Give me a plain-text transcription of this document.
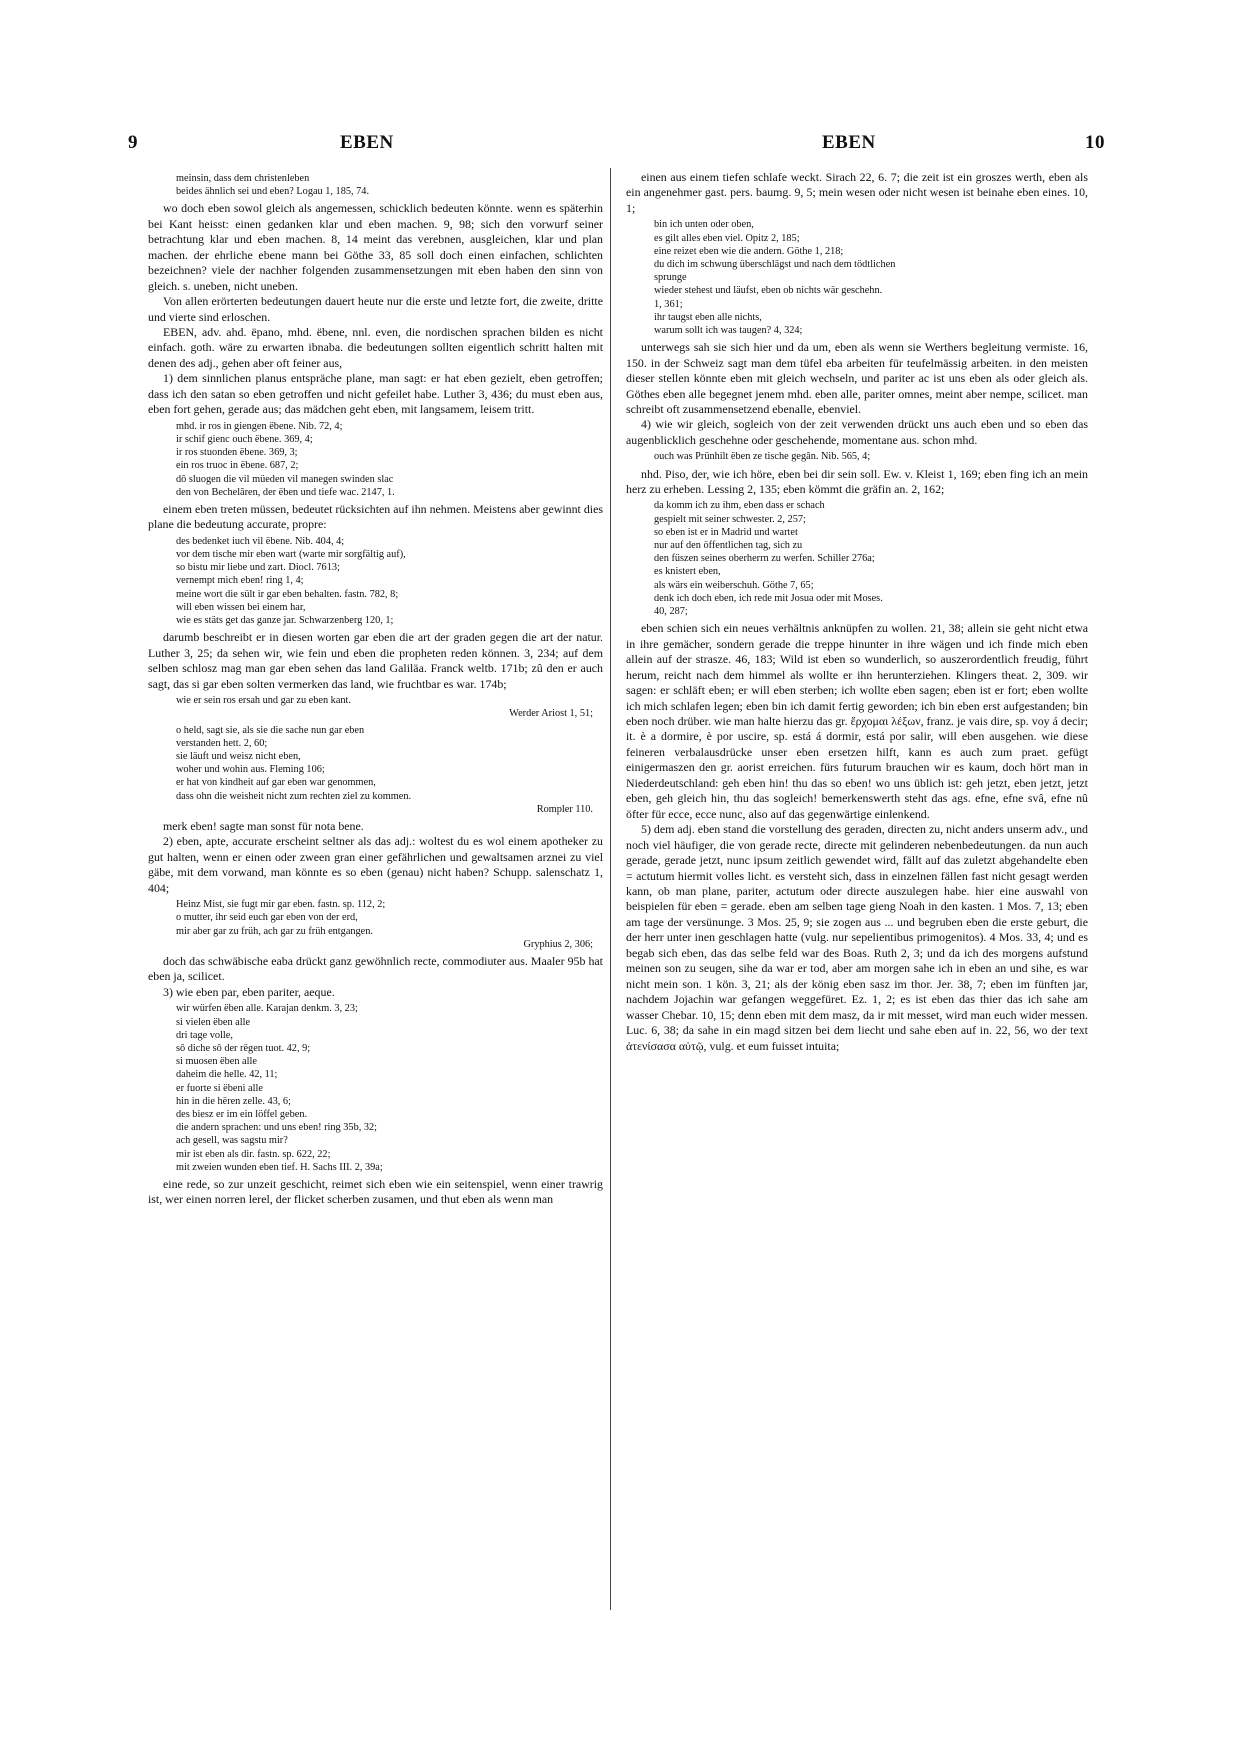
9	EBEN	EBEN	10
meinsin, dass dem christenleben
beides ähnlich sei und eben? Logau 1, 185, 74.

wo doch eben sowol gleich als angemessen, schicklich bedeuten könnte. wenn es späterhin bei Kant heisst: einen gedanken klar und eben machen. 9, 98; sich den vorwurf seiner betrachtung klar und eben machen. 8, 14 meint das verebnen, ausgleichen, klar und plan machen. der ehrliche ebene mann bei Göthe 33, 85 soll doch einen einfachen, schlichten bezeichnen? viele der nachher folgenden zusammensetzungen mit eben haben den sinn von gleich. s. uneben, nicht uneben.

Von allen erörterten bedeutungen dauert heute nur die erste und letzte fort, die zweite, dritte und vierte sind erloschen.

EBEN, adv. ahd. ëpano, mhd. ëbene, nnl. even, die nordischen sprachen bilden es nicht einfach. goth. wäre zu erwarten ibnaba. die bedeutungen sollten eigentlich schritt halten mit denen des adj., gehen aber oft feiner aus,

1) dem sinnlichen planus entspräche plane, man sagt: er hat eben gezielt, eben getroffen; dass ich den satan so eben getroffen und nicht gefeilet habe. Luther 3, 436; du must eben aus, eben fort gehen, gerade aus; das mädchen geht eben, mit langsamem, leisem tritt.

mhd. ir ros in giengen ëbene. Nib. 72, 4;
ir schif gienc ouch ëbene. 369, 4;
ir ros stuonden ëbene. 369, 3;
ein ros truoc in ëbene. 687, 2;
dô sluogen die vil müeden vil manegen swinden slac
den von Bechelâren, der ëben und tiefe wac. 2147, 1.

einem eben treten müssen, bedeutet rücksichten auf ihn nehmen. Meistens aber gewinnt dies plane die bedeutung accurate, propre:

des bedenket iuch vil ëbene. Nib. 404, 4;
vor dem tische mir eben wart (warte mir sorgfältig auf),
so bistu mir liebe und zart. Diocl. 7613;
vernempt mich eben! ring 1, 4;
meine wort die sült ir gar eben behalten. fastn. 782, 8;
will eben wissen bei einem har,
wie es stäts get das ganze jar. Schwarzenberg 120, 1;

darumb beschreibt er in diesen worten gar eben die art der graden gegen die art der natur. Luther 3, 25; da sehen wir, wie fein und eben die propheten reden können. 3, 234; auf dem selben schlosz mag man gar eben sehen das land Galiläa. Franck weltb. 171b; zû den er auch sagt, das si gar eben solten vermerken das land, wie fruchtbar es war. 174b;

wie er sein ros ersah und gar zu eben kant.
Werder Ariost 1, 51;
o held, sagt sie, als sie die sache nun gar eben
verstanden hett. 2, 60;
sie läuft und weisz nicht eben,
woher und wohin aus. Fleming 106;
er hat von kindheit auf gar eben war genommen,
dass ohn die weisheit nicht zum rechten ziel zu kommen.
Rompler 110.

merk eben! sagte man sonst für nota bene.

2) eben, apte, accurate erscheint seltner als das adj.: woltest du es wol einem apotheker zu gut halten, wenn er einen oder zween gran einer gefährlichen und gewaltsamen arznei zu viel gäbe, mit dem vorwand, man könnte es so eben (genau) nicht haben? Schupp. salenschatz 1, 404;

Heinz Mist, sie fugt mir gar eben. fastn. sp. 112, 2;
o mutter, ihr seid euch gar eben von der erd,
mir aber gar zu früh, ach gar zu früh entgangen.
Gryphius 2, 306;

doch das schwäbische eaba drückt ganz gewöhnlich recte, commodiuter aus. Maaler 95b hat eben ja, scilicet.

3) wie eben par, eben pariter, aeque.

wir würfen ëben alle. Karajan denkm. 3, 23;
si vielen ëben alle
dri tage volle,
sô diche sô der rëgen tuot. 42, 9;
si muosen ëben alle
daheim die helle. 42, 11;
er fuorte si ëbeni alle
hin in die hëren zelle. 43, 6;
des biesz er im ein löffel geben.
die andern sprachen: und uns eben! ring 35b, 32;
ach gesell, was sagstu mir?
mir ist eben als dir. fastn. sp. 622, 22;
mit zweien wunden eben tief. H. Sachs III. 2, 39a;

eine rede, so zur unzeit geschicht, reimet sich eben wie ein seitenspiel, wenn einer trawrig ist, wer einen norren lerel, der flicket scherben zusamen, und thut eben als wenn man

einen aus einem tiefen schlafe weckt. Sirach 22, 6. 7; die zeit ist ein groszes werth, eben als ein angenehmer gast. pers. baumg. 9, 5; mein wesen oder nicht wesen ist beinahe eben eines. 10, 1;

bin ich unten oder oben,
es gilt alles eben viel. Opitz 2, 185;
eine reizet eben wie die andern. Göthe 1, 218;
du dich im schwung überschlägst und nach dem tödtlichen
sprunge
wieder stehest und läufst, eben ob nichts wär geschehn.
1, 361;
ihr taugst eben alle nichts,
warum sollt ich was taugen? 4, 324;

unterwegs sah sie sich hier und da um, eben als wenn sie Werthers begleitung vermiste. 16, 150. in der Schweiz sagt man dem tüfel eba arbeiten für teufelmässig arbeiten. in den meisten dieser stellen könnte eben mit gleich wechseln, und pariter ac ist uns eben als oder gleich als. Göthes eben alle begegnet jenem mhd. eben alle, pariter omnes, meint aber nempe, scilicet. man schreibt oft zusammensetzend ebenalle, ebenviel.

4) wie wir gleich, sogleich von der zeit verwenden drückt uns auch eben und so eben das augenblicklich geschehne oder geschehende, momentane aus. schon mhd.

ouch was Prünhilt ëben ze tische gegân. Nib. 565, 4;

nhd. Piso, der, wie ich höre, eben bei dir sein soll. Ew. v. Kleist 1, 169; eben fing ich an mein herz zu erheben. Lessing 2, 135; eben kömmt die gräfin an. 2, 162;

da komm ich zu ihm, eben dass er schach
gespielt mit seiner schwester. 2, 257;
so eben ist er in Madrid und wartet
nur auf den öffentlichen tag, sich zu
den füszen seines oberherrn zu werfen. Schiller 276a;
es knistert eben,
als wärs ein weiberschuh. Göthe 7, 65;
denk ich doch eben, ich rede mit Josua oder mit Moses.
40, 287;

eben schien sich ein neues verhältnis anknüpfen zu wollen. 21, 38; allein sie geht nicht etwa in ihre gemächer, sondern gerade die treppe hinunter in ihre wägen und ich finde mich eben allein auf der strasze. 46, 183; Wild ist eben so wunderlich, so auszerordentlich freudig, führt herum, reicht nach dem himmel als wollte er ihn herunterziehen. Klingers theat. 2, 309. wir sagen: er schläft eben; er will eben sterben; ich wollte eben sagen; eben ist er fort; eben wollte ich mich schlafen legen; eben bin ich damit fertig geworden; ich bin eben erst aufgestanden; bin eben noch drüber. wie man halte hierzu das gr. ἔρχομαι λέξων, franz. je vais dire, sp. voy á decir; it. è a dormire, è por uscire, sp. está á dormir, está por salir, will eben ausgehen. wie diese feineren verbalausdrücke unser eben ersetzen hilft, kann es auch zum praet. gefügt einigermaszen den gr. aorist erreichen. fürs futurum brauchen wir es kaum, doch hört man in Niederdeutschland: geh eben hin! thu das so eben! wo uns üblich ist: geh jetzt, eben jetzt, jetzt eben, geh gleich hin, thu das sogleich! bemerkenswerth steht das ags. efne, efne svâ, efne nû öfter für ecce, ecce nunc, also auf das gegenwärtige einlenkend.

5) dem adj. eben stand die vorstellung des geraden, directen zu, nicht anders unserm adv., und noch viel häufiger, die von gerade recte, directe mit gelinderen nebenbedeutungen. da nun auch gerade, gerade jetzt, nunc ipsum zeitlich gewendet wird, fällt auf das zuletzt abgehandelte eben = actutum hiermit volles licht. es versteht sich, dass in einzelnen fällen fast nicht gesagt werden kann, ob man plane, pariter, actutum oder directe auszulegen habe. hier eine auswahl von beispielen für eben = gerade. eben am selben tage gieng Noah in den kasten. 1 Mos. 7, 13; eben am tage der versünunge. 3 Mos. 25, 9; sie zogen aus ... und begruben eben die erste geburt, die der herr unter inen geschlagen hatte (vulg. nur sepelientibus primogenitos). 4 Mos. 33, 4; und es begab sich eben, das das selbe feld war des Boas. Ruth 2, 3; und da ich des morgens aufstund meinen son zu seugen, sihe da war er tod, aber am morgen sahe ich in eben an und sihe, es war nicht mein son. 1 kön. 3, 21; als der könig eben sasz im thor. Jer. 38, 7; eben im fünften jar, nachdem Jojachin war gefangen weggefüret. Ez. 1, 2; es ist eben das thier das ich sahe am wasser Chebar. 10, 15; denn eben mit dem masz, da ir mit messet, wird man euch wider messen. Luc. 6, 38; da sahe in ein magd sitzen bei dem liecht und sahe eben auf in. 22, 56, wo der text ἀτενίσασα αὐτῷ, vulg. et eum fuisset intuita;
